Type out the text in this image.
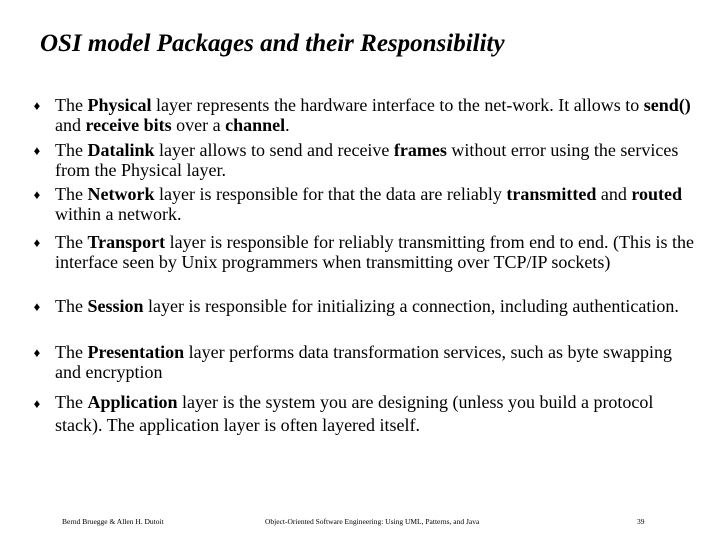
OSI model Packages and their Responsibility
♦ The Physical layer represents the hardware interface to the net-work. It allows to send() and receive bits over a channel.
♦ The Datalink layer allows to send and receive frames without error using the services from the Physical layer.
♦ The Network layer is responsible for that the data are reliably transmitted and routed within a network.
♦ The Transport layer is responsible for reliably transmitting from end to end. (This is the interface seen by Unix programmers when transmitting over TCP/IP sockets)
♦ The Session layer is responsible for initializing a connection, including authentication.
♦ The Presentation layer performs data transformation services, such as byte swapping and encryption
♦ The Application layer is the system you are designing (unless you build a protocol stack). The application layer is often layered itself.
Bernd Bruegge & Allen H. Dutoit	Object-Oriented Software Engineering: Using UML, Patterns, and Java	39
